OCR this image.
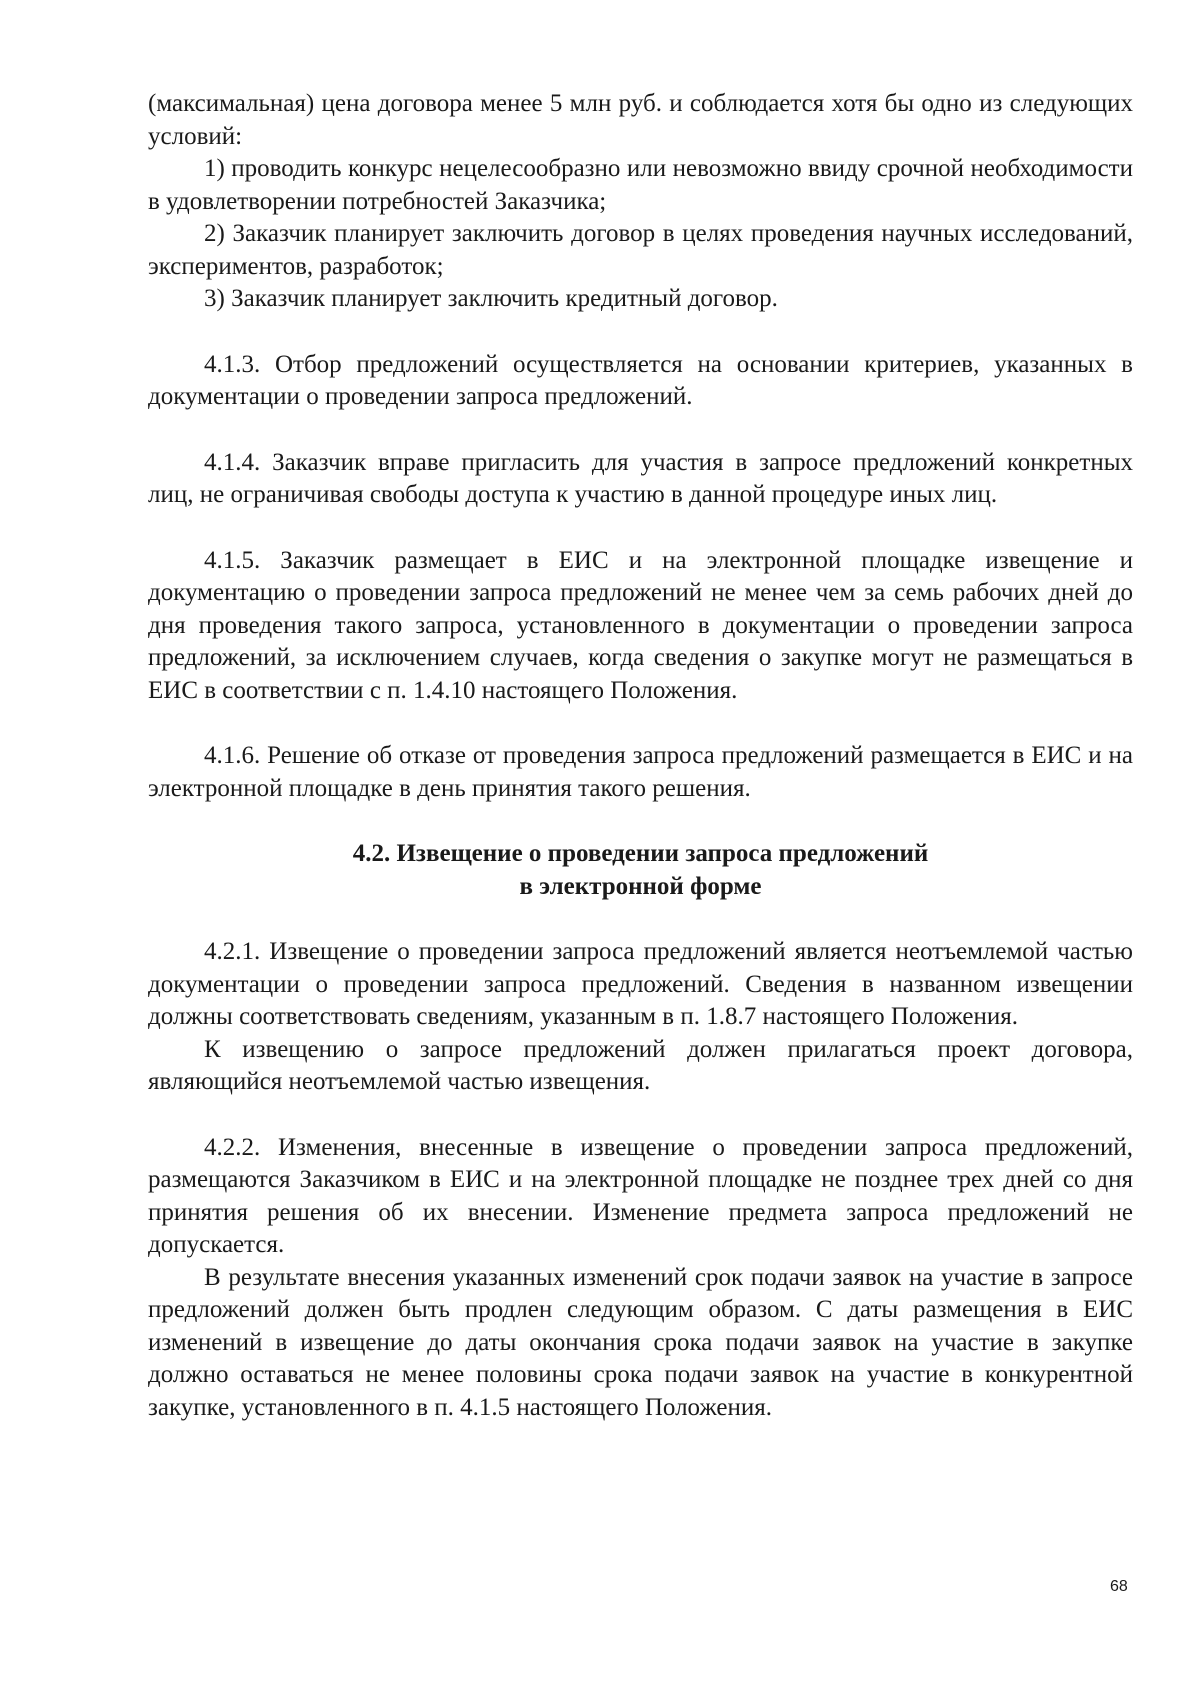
(максимальная) цена договора менее 5 млн руб. и соблюдается хотя бы одно из следующих условий:

1) проводить конкурс нецелесообразно или невозможно ввиду срочной необходимости в удовлетворении потребностей Заказчика;

2) Заказчик планирует заключить договор в целях проведения научных исследований, экспериментов, разработок;

3) Заказчик планирует заключить кредитный договор.

4.1.3. Отбор предложений осуществляется на основании критериев, указанных в документации о проведении запроса предложений.

4.1.4. Заказчик вправе пригласить для участия в запросе предложений конкретных лиц, не ограничивая свободы доступа к участию в данной процедуре иных лиц.

4.1.5. Заказчик размещает в ЕИС и на электронной площадке извещение и документацию о проведении запроса предложений не менее чем за семь рабочих дней до дня проведения такого запроса, установленного в документации о проведении запроса предложений, за исключением случаев, когда сведения о закупке могут не размещаться в ЕИС в соответствии с п. 1.4.10 настоящего Положения.

4.1.6. Решение об отказе от проведения запроса предложений размещается в ЕИС и на электронной площадке в день принятия такого решения.

4.2. Извещение о проведении запроса предложений
в электронной форме

4.2.1. Извещение о проведении запроса предложений является неотъемлемой частью документации о проведении запроса предложений. Сведения в названном извещении должны соответствовать сведениям, указанным в п. 1.8.7 настоящего Положения.

К извещению о запросе предложений должен прилагаться проект договора, являющийся неотъемлемой частью извещения.

4.2.2. Изменения, внесенные в извещение о проведении запроса предложений, размещаются Заказчиком в ЕИС и на электронной площадке не позднее трех дней со дня принятия решения об их внесении. Изменение предмета запроса предложений не допускается.

В результате внесения указанных изменений срок подачи заявок на участие в запросе предложений должен быть продлен следующим образом. С даты размещения в ЕИС изменений в извещение до даты окончания срока подачи заявок на участие в закупке должно оставаться не менее половины срока подачи заявок на участие в конкурентной закупке, установленного в п. 4.1.5 настоящего Положения.

68
